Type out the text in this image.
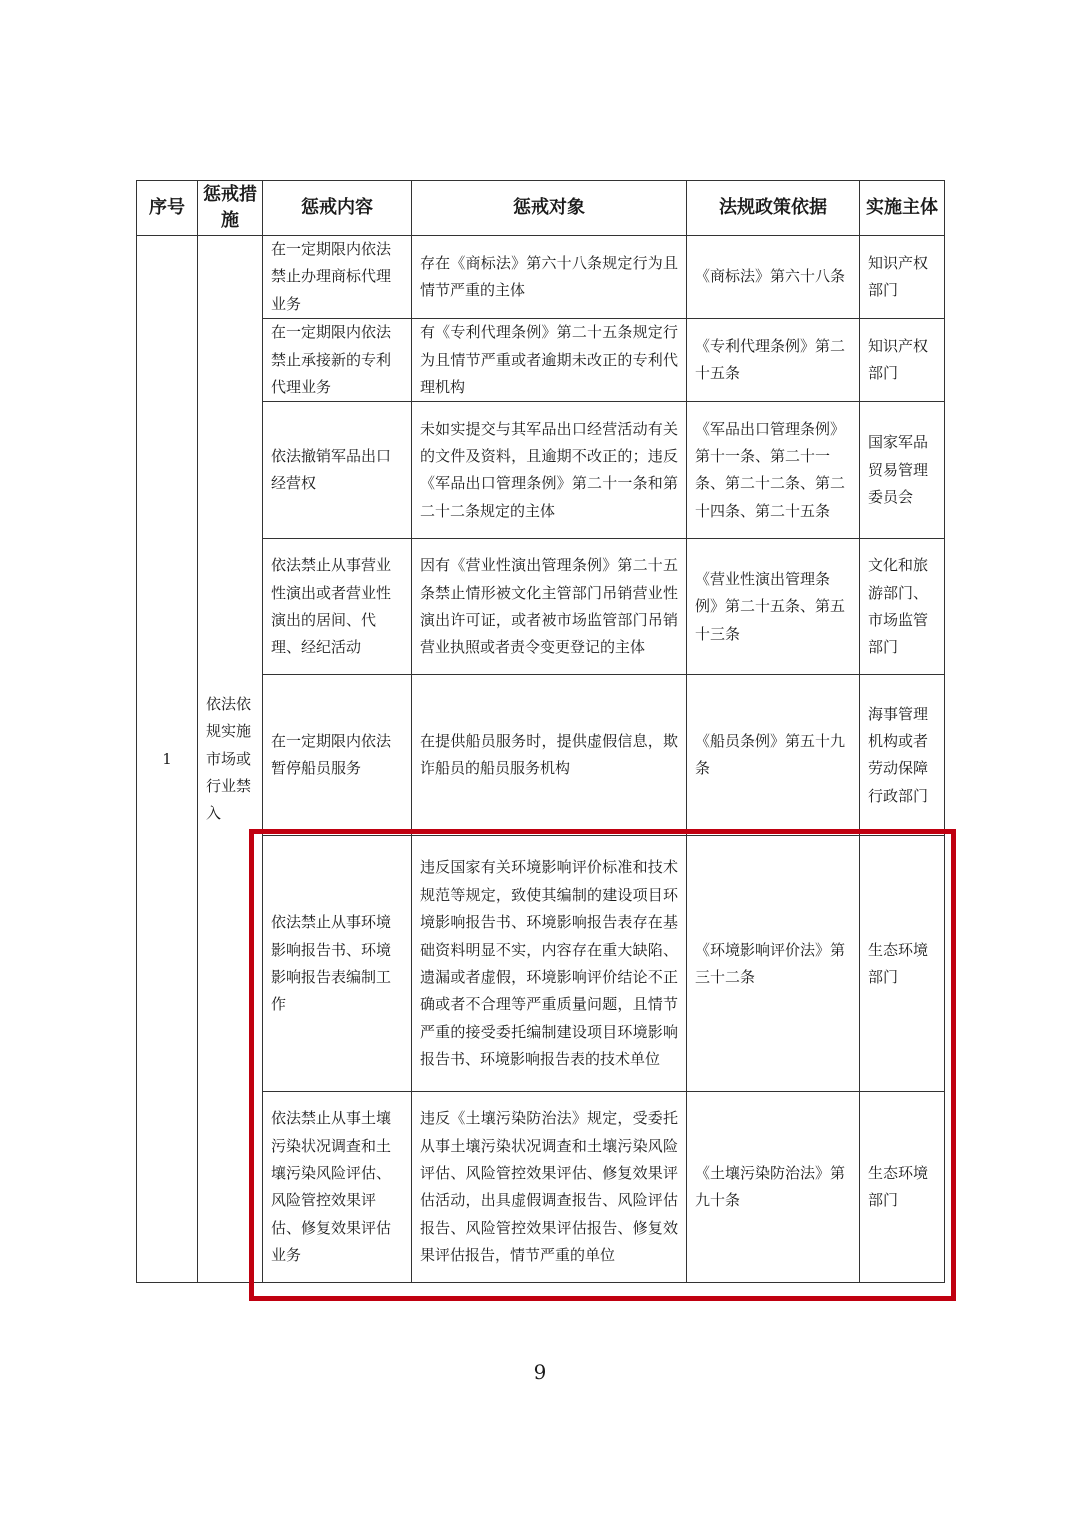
序号	惩戒措施	惩戒内容	惩戒对象	法规政策依据	实施主体
1	依法依规实施市场或行业禁入	在一定期限内依法禁止办理商标代理业务	存在《商标法》第六十八条规定行为且情节严重的主体	《商标法》第六十八条	知识产权部门
		在一定期限内依法禁止承接新的专利代理业务	有《专利代理条例》第二十五条规定行为且情节严重或者逾期未改正的专利代理机构	《专利代理条例》第二十五条	知识产权部门
		依法撤销军品出口经营权	未如实提交与其军品出口经营活动有关的文件及资料，且逾期不改正的；违反《军品出口管理条例》第二十一条和第二十二条规定的主体	《军品出口管理条例》第十一条、第二十一条、第二十二条、第二十四条、第二十五条	国家军品贸易管理委员会
		依法禁止从事营业性演出或者营业性演出的居间、代理、经纪活动	因有《营业性演出管理条例》第二十五条禁止情形被文化主管部门吊销营业性演出许可证，或者被市场监管部门吊销营业执照或者责令变更登记的主体	《营业性演出管理条例》第二十五条、第五十三条	文化和旅游部门、市场监管部门
		在一定期限内依法暂停船员服务	在提供船员服务时，提供虚假信息，欺诈船员的船员服务机构	《船员条例》第五十九条	海事管理机构或者劳动保障行政部门
		依法禁止从事环境影响报告书、环境影响报告表编制工作	违反国家有关环境影响评价标准和技术规范等规定，致使其编制的建设项目环境影响报告书、环境影响报告表存在基础资料明显不实，内容存在重大缺陷、遗漏或者虚假，环境影响评价结论不正确或者不合理等严重质量问题，且情节严重的接受委托编制建设项目环境影响报告书、环境影响报告表的技术单位	《环境影响评价法》第三十二条	生态环境部门
		依法禁止从事土壤污染状况调查和土壤污染风险评估、风险管控效果评估、修复效果评估业务	违反《土壤污染防治法》规定，受委托从事土壤污染状况调查和土壤污染风险评估、风险管控效果评估、修复效果评估活动，出具虚假调查报告、风险评估报告、风险管控效果评估报告、修复效果评估报告，情节严重的单位	《土壤污染防治法》第九十条	生态环境部门
9
